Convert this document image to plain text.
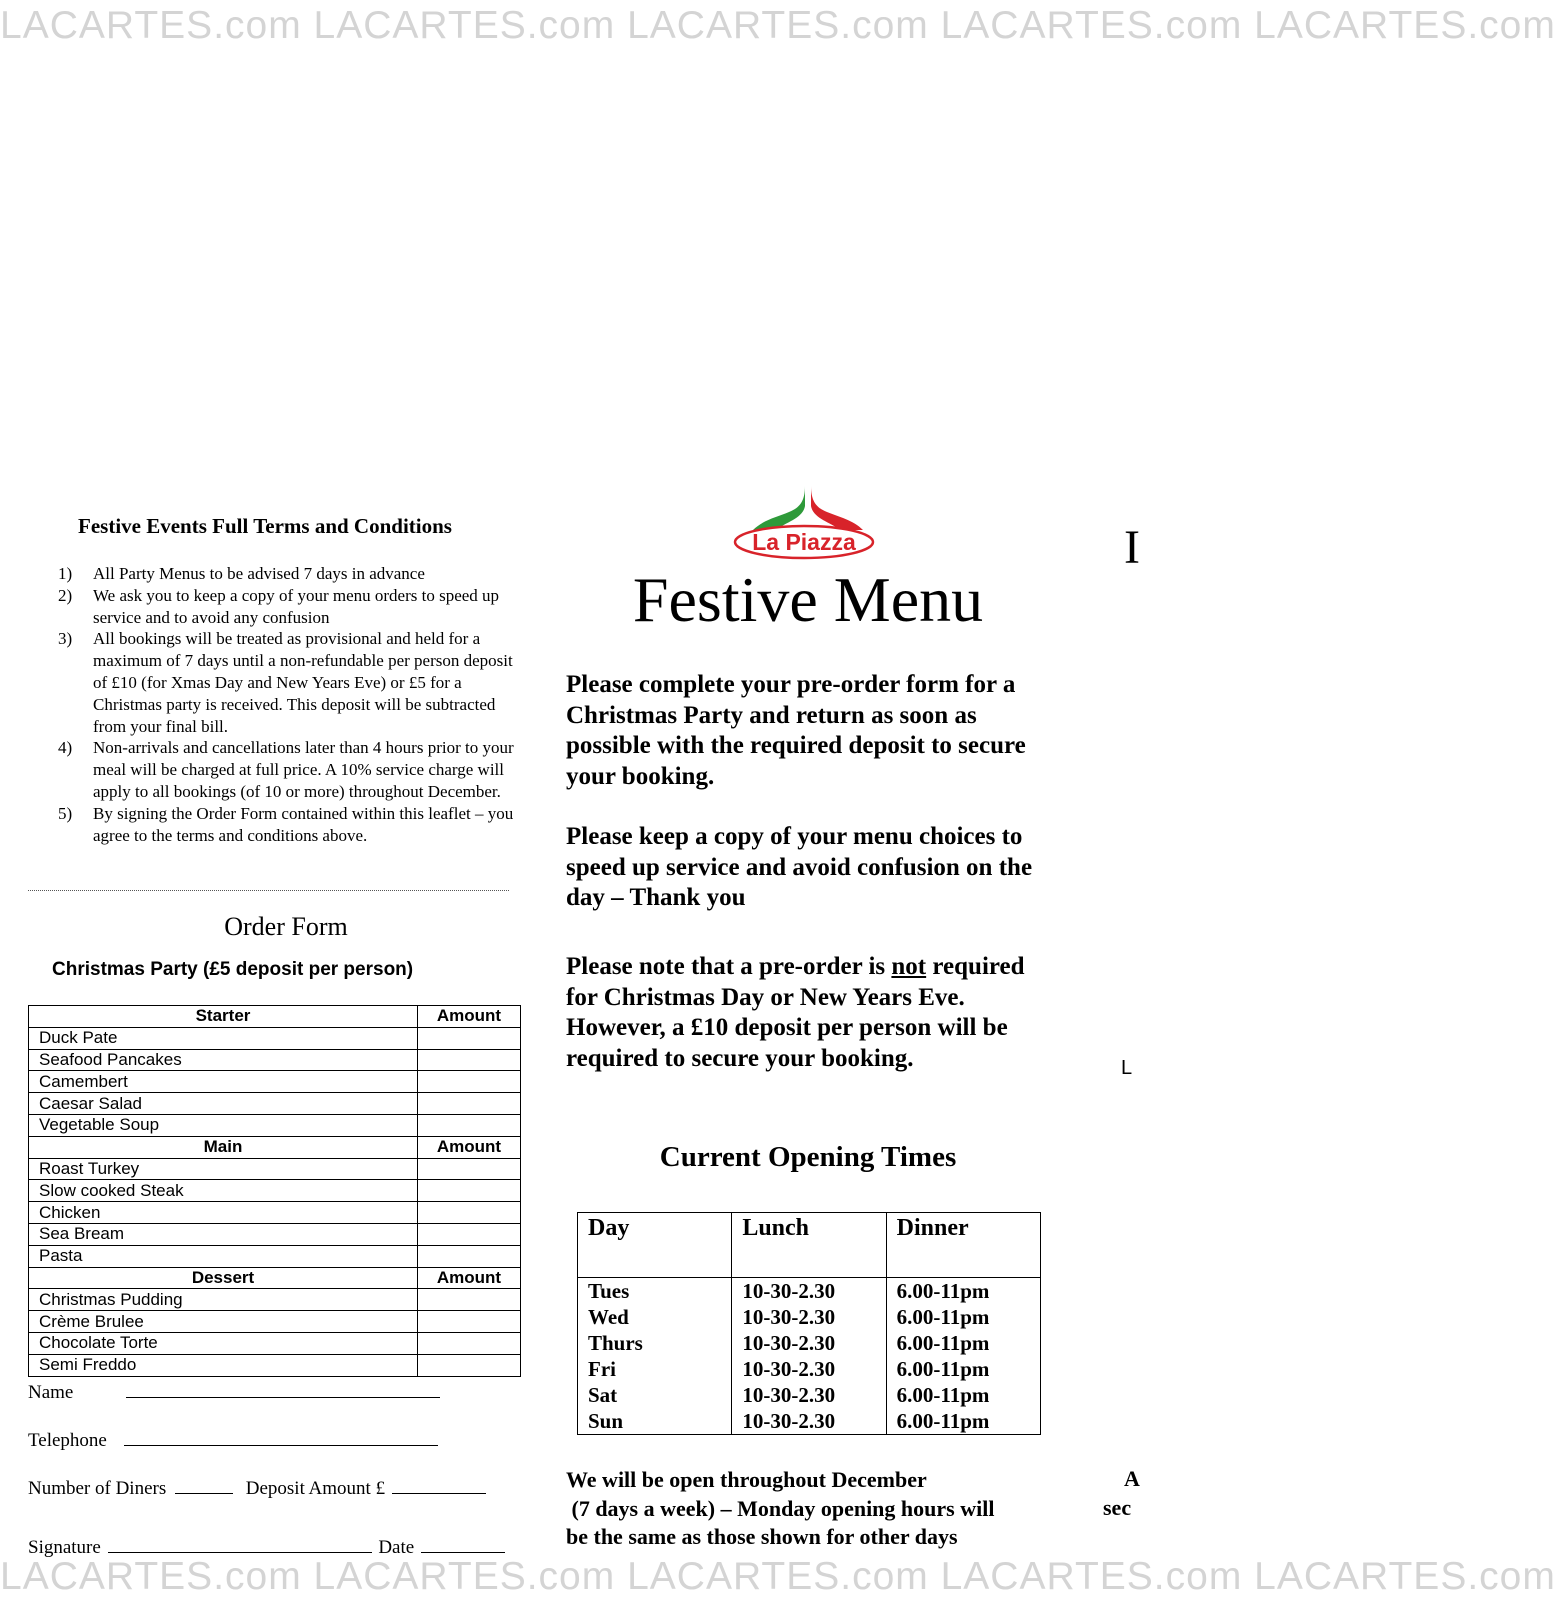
LACARTES.com LACARTES.com LACARTES.com LACARTES.com LACARTES.com
Festive Events Full Terms and Conditions
1) All Party Menus to be advised 7 days in advance
2) We ask you to keep a copy of your menu orders to speed up service and to avoid any confusion
3) All bookings will be treated as provisional and held for a maximum of 7 days until a non-refundable per person deposit of £10 (for Xmas Day and New Years Eve) or £5 for a Christmas party is received. This deposit will be subtracted from your final bill.
4) Non-arrivals and cancellations later than 4 hours prior to your meal will be charged at full price. A 10% service charge will apply to all bookings (of 10 or more) throughout December.
5) By signing the Order Form contained within this leaflet – you agree to the terms and conditions above.
Order Form
Christmas Party (£5 deposit per person)
Starter	Amount
Duck Pate	
Seafood Pancakes	
Camembert	
Caesar Salad	
Vegetable Soup	
Main	Amount
Roast Turkey	
Slow cooked Steak	
Chicken	
Sea Bream	
Pasta	
Dessert	Amount
Christmas Pudding	
Crème Brulee	
Chocolate Torte	
Semi Freddo	
Name
Telephone
Number of Diners	Deposit Amount £
Signature	Date
La Piazza
Festive Menu
Please complete your pre-order form for a Christmas Party and return as soon as possible with the required deposit to secure your booking.
Please keep a copy of your menu choices to speed up service and avoid confusion on the day – Thank you
Please note that a pre-order is not required for Christmas Day or New Years Eve. However, a £10 deposit per person will be required to secure your booking.
Current Opening Times
Day	Lunch	Dinner
Tues	10-30-2.30	6.00-11pm
Wed	10-30-2.30	6.00-11pm
Thurs	10-30-2.30	6.00-11pm
Fri	10-30-2.30	6.00-11pm
Sat	10-30-2.30	6.00-11pm
Sun	10-30-2.30	6.00-11pm
We will be open throughout December
(7 days a week) – Monday opening hours will
be the same as those shown for other days
I
L
A
sec
LACARTES.com LACARTES.com LACARTES.com LACARTES.com LACARTES.com
